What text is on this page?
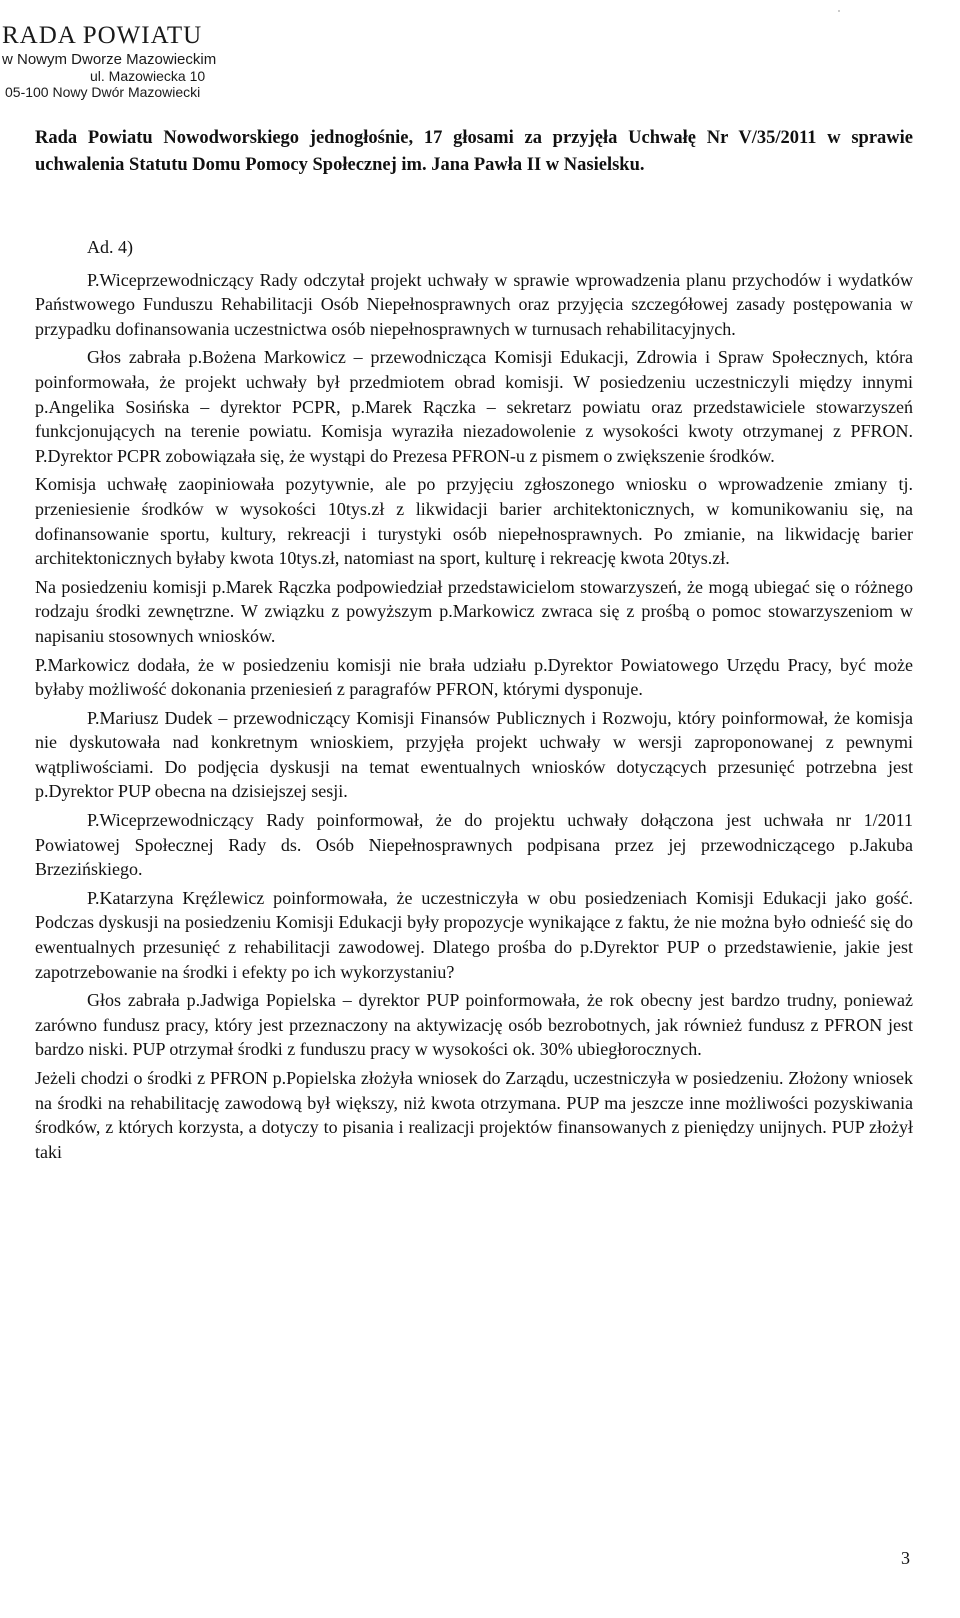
RADA POWIATU
w Nowym Dworze Mazowieckim
ul. Mazowiecka 10
05-100 Nowy Dwór Mazowiecki
Rada Powiatu Nowodworskiego jednogłośnie, 17 głosami za przyjęła Uchwałę Nr V/35/2011 w sprawie uchwalenia Statutu Domu Pomocy Społecznej im. Jana Pawła II w Nasielsku.

Ad. 4)

P.Wiceprzewodniczący Rady odczytał projekt uchwały w sprawie wprowadzenia planu przychodów i wydatków Państwowego Funduszu Rehabilitacji Osób Niepełnosprawnych oraz przyjęcia szczegółowej zasady postępowania w przypadku dofinansowania uczestnictwa osób niepełnosprawnych w turnusach rehabilitacyjnych.

Głos zabrała p.Bożena Markowicz – przewodnicząca Komisji Edukacji, Zdrowia i Spraw Społecznych, która poinformowała, że projekt uchwały był przedmiotem obrad komisji. W posiedzeniu uczestniczyli między innymi p.Angelika Sosińska – dyrektor PCPR, p.Marek Rączka – sekretarz powiatu oraz przedstawiciele stowarzyszeń funkcjonujących na terenie powiatu. Komisja wyraziła niezadowolenie z wysokości kwoty otrzymanej z PFRON. P.Dyrektor PCPR zobowiązała się, że wystąpi do Prezesa PFRON-u z pismem o zwiększenie środków.

Komisja uchwałę zaopiniowała pozytywnie, ale po przyjęciu zgłoszonego wniosku o wprowadzenie zmiany tj. przeniesienie środków w wysokości 10tys.zł z likwidacji barier architektonicznych, w komunikowaniu się, na dofinansowanie sportu, kultury, rekreacji i turystyki osób niepełnosprawnych. Po zmianie, na likwidację barier architektonicznych byłaby kwota 10tys.zł, natomiast na sport, kulturę i rekreację kwota 20tys.zł.

Na posiedzeniu komisji p.Marek Rączka podpowiedział przedstawicielom stowarzyszeń, że mogą ubiegać się o różnego rodzaju środki zewnętrzne. W związku z powyższym p.Markowicz zwraca się z prośbą o pomoc stowarzyszeniom w napisaniu stosownych wniosków.

P.Markowicz dodała, że w posiedzeniu komisji nie brała udziału p.Dyrektor Powiatowego Urzędu Pracy, być może byłaby możliwość dokonania przeniesień z paragrafów PFRON, którymi dysponuje.

P.Mariusz Dudek – przewodniczący Komisji Finansów Publicznych i Rozwoju, który poinformował, że komisja nie dyskutowała nad konkretnym wnioskiem, przyjęła projekt uchwały w wersji zaproponowanej z pewnymi wątpliwościami. Do podjęcia dyskusji na temat ewentualnych wniosków dotyczących przesunięć potrzebna jest p.Dyrektor PUP obecna na dzisiejszej sesji.

P.Wiceprzewodniczący Rady poinformował, że do projektu uchwały dołączona jest uchwała nr 1/2011 Powiatowej Społecznej Rady ds. Osób Niepełnosprawnych podpisana przez jej przewodniczącego p.Jakuba Brzezińskiego.

P.Katarzyna Kręźlewicz poinformowała, że uczestniczyła w obu posiedzeniach Komisji Edukacji jako gość. Podczas dyskusji na posiedzeniu Komisji Edukacji były propozycje wynikające z faktu, że nie można było odnieść się do ewentualnych przesunięć z rehabilitacji zawodowej. Dlatego prośba do p.Dyrektor PUP o przedstawienie, jakie jest zapotrzebowanie na środki i efekty po ich wykorzystaniu?

Głos zabrała p.Jadwiga Popielska – dyrektor PUP poinformowała, że rok obecny jest bardzo trudny, ponieważ zarówno fundusz pracy, który jest przeznaczony na aktywizację osób bezrobotnych, jak również fundusz z PFRON jest bardzo niski. PUP otrzymał środki z funduszu pracy w wysokości ok. 30% ubiegłorocznych.

Jeżeli chodzi o środki z PFRON p.Popielska złożyła wniosek do Zarządu, uczestniczyła w posiedzeniu. Złożony wniosek na środki na rehabilitację zawodową był większy, niż kwota otrzymana. PUP ma jeszcze inne możliwości pozyskiwania środków, z których korzysta, a dotyczy to pisania i realizacji projektów finansowanych z pieniędzy unijnych. PUP złożył taki

3
